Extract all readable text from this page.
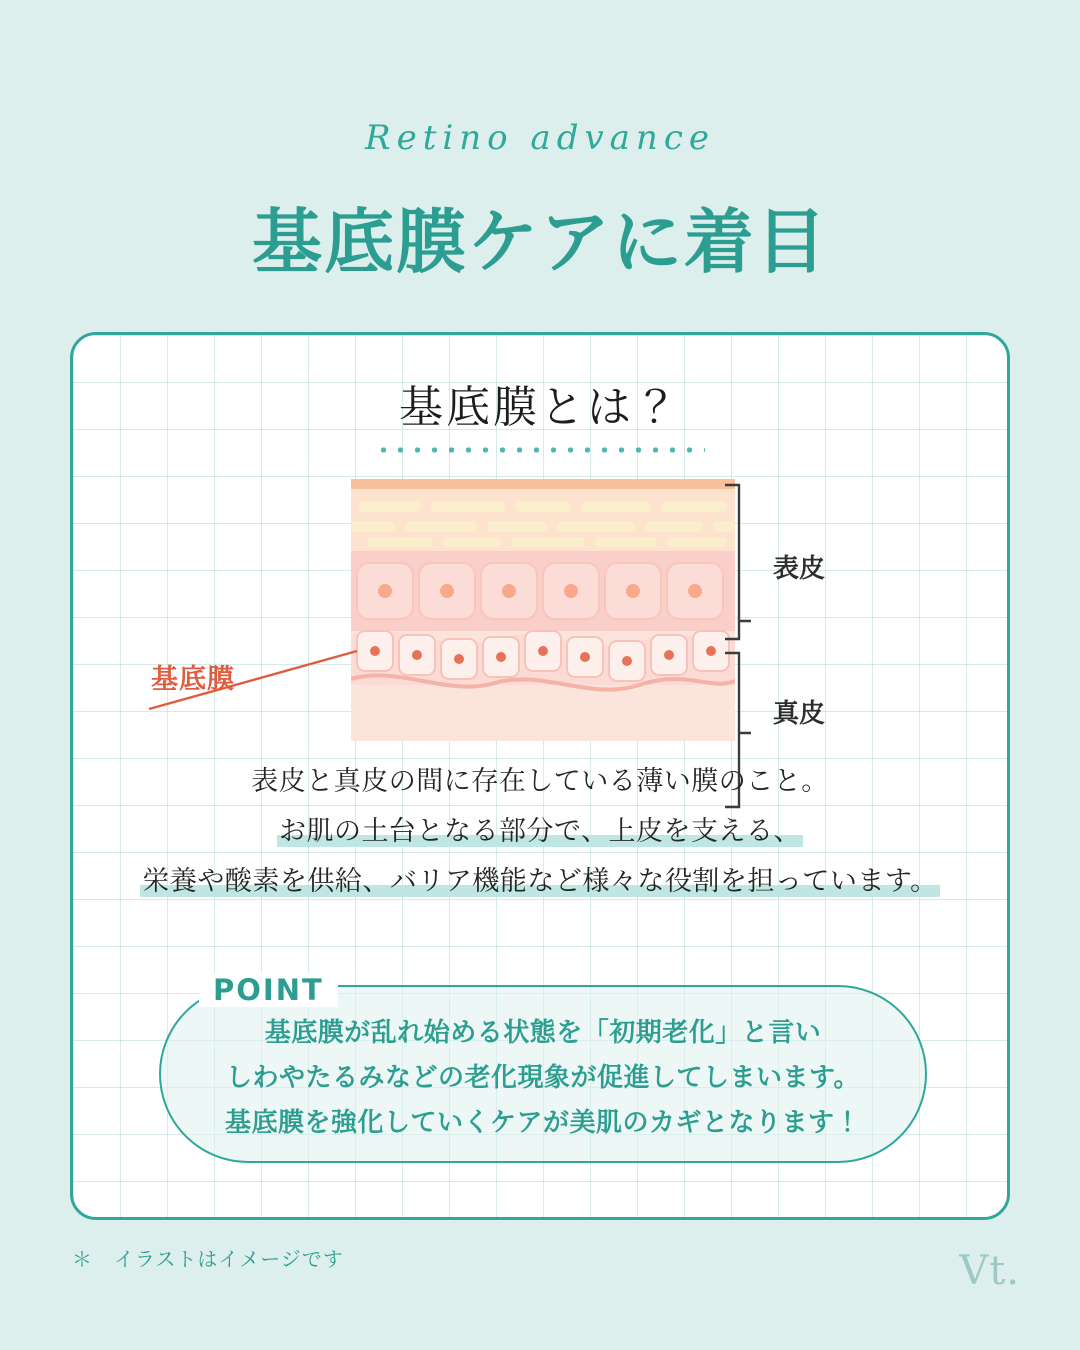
Retino advance
基底膜ケアに着目
基底膜とは？
表皮
真皮
基底膜
表皮と真皮の間に存在している薄い膜のこと。
お肌の土台となる部分で、上皮を支える、
栄養や酸素を供給、バリア機能など様々な役割を担っています。
POINT
基底膜が乱れ始める状態を「初期老化」と言い
しわやたるみなどの老化現象が促進してしまいます。
基底膜を強化していくケアが美肌のカギとなります！
＊　イラストはイメージです	Vt.
